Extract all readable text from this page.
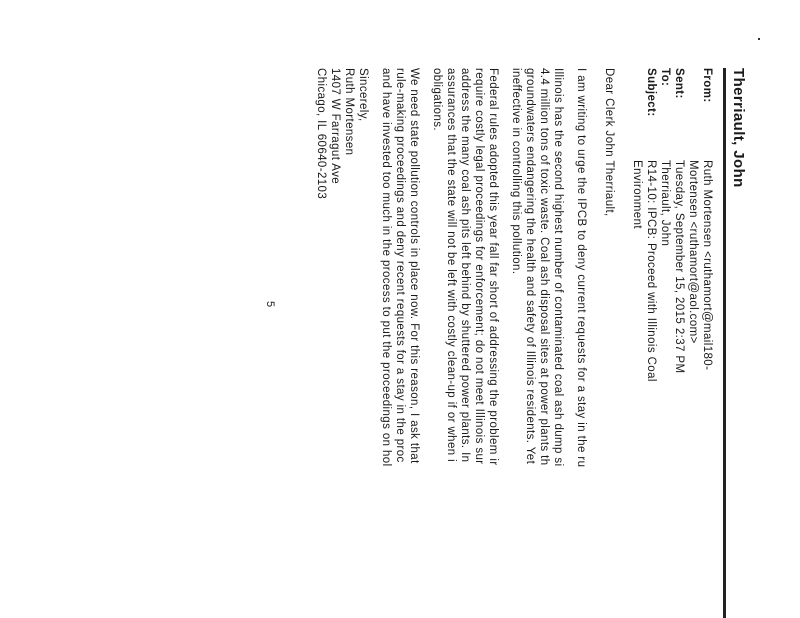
Therriault, John
From:	Ruth Mortensen <ruthamort@mail180-
Mortensen <ruthamort@aol.com>

Sent:	Tuesday, September 15, 2015 2:37 PM
To:	Therriault, John
Subject:	R14-10: IPCB: Proceed with Illinois Coal
Environment

Dear Clerk John Therriault,

I am writing to urge the IPCB to deny current requests for a stay in the ru

Illinois has the second highest number of contaminated coal ash dump si

4.4 million tons of toxic waste. Coal ash disposal sites at power plants th

groundwaters endangering the health and safety of Illinois residents. Yet

ineffective in controlling this pollution.

Federal rules adopted this year fall far short of addressing the problem ir

require costly legal proceedings for enforcement; do not meet Illinois sur

address the many coal ash pits left behind by shuttered power plants. In

assurances that the state will not be left with costly clean-up if or when i

obligations.

We need state pollution controls in place now. For this reason, I ask that

rule-making proceedings and deny recent requests for a stay in the proc

and have invested too much in the process to put the proceedings on hol

Sincerely,

Ruth Mortensen

1407 W Farragut Ave

Chicago, IL 60640-2103

5
